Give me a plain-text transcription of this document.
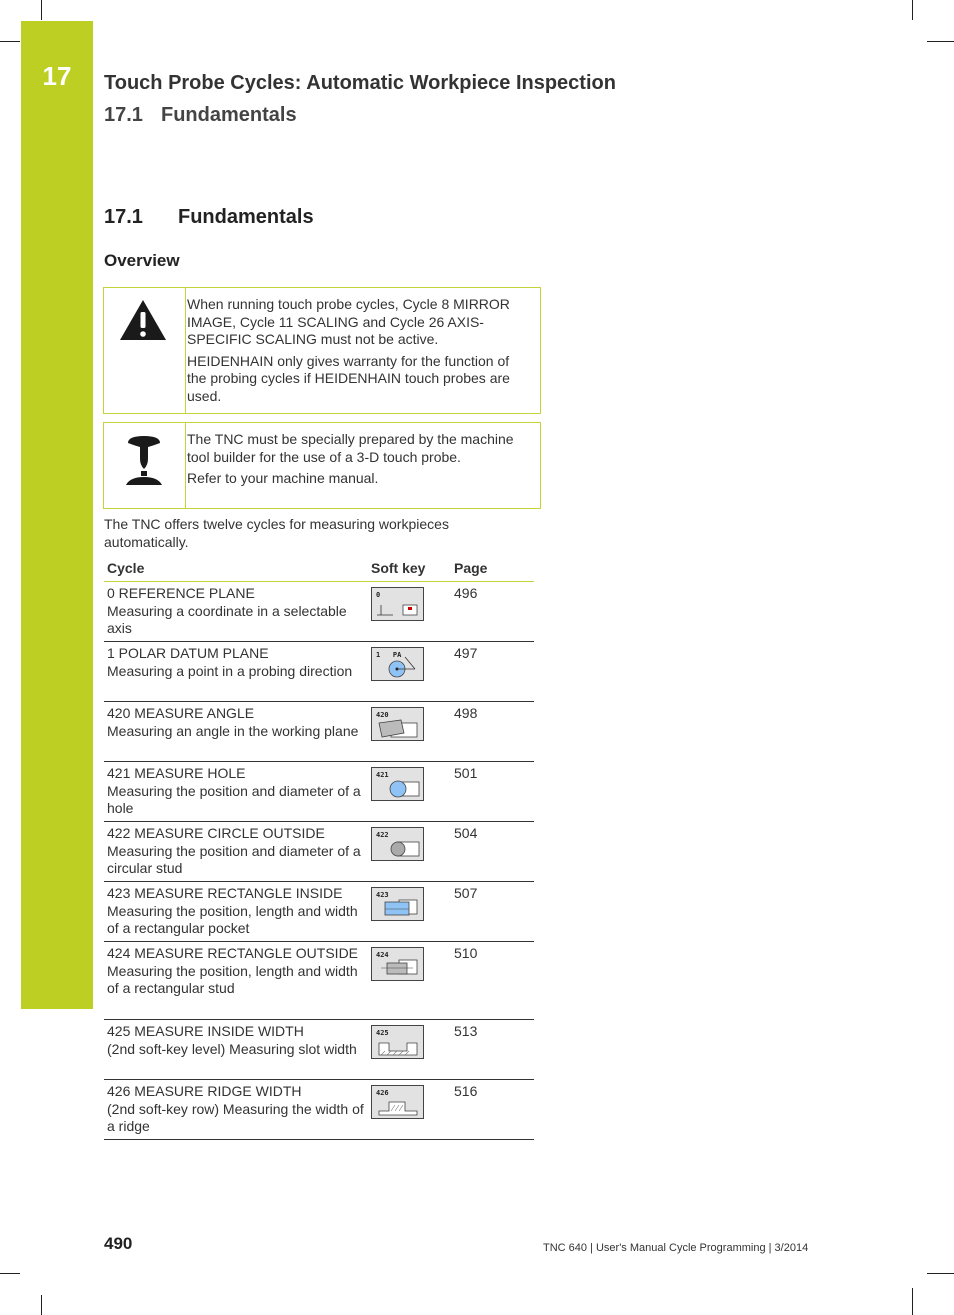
17	Touch Probe Cycles: Automatic Workpiece Inspection
17.1 Fundamentals
17.1 Fundamentals
Overview

When running touch probe cycles, Cycle 8 MIRROR IMAGE, Cycle 11 SCALING and Cycle 26 AXIS-SPECIFIC SCALING must not be active.

HEIDENHAIN only gives warranty for the function of the probing cycles if HEIDENHAIN touch probes are used.

The TNC must be specially prepared by the machine tool builder for the use of a 3-D touch probe.

Refer to your machine manual.

The TNC offers twelve cycles for measuring workpieces automatically.
Cycle	Soft key	Page

0 REFERENCE PLANE
Measuring a coordinate in a selectable axis	0	496

1 POLAR DATUM PLANE
Measuring a point in a probing direction	1   PA	497

420 MEASURE ANGLE
Measuring an angle in the working plane	420	498

421 MEASURE HOLE
Measuring the position and diameter of a hole	421	501

422 MEASURE CIRCLE OUTSIDE
Measuring the position and diameter of a circular stud	422	504

423 MEASURE RECTANGLE INSIDE
Measuring the position, length and width of a rectangular pocket	423	507

424 MEASURE RECTANGLE OUTSIDE
Measuring the position, length and width of a rectangular stud	424	510

425 MEASURE INSIDE WIDTH
(2nd soft-key level) Measuring slot width	425	513

426 MEASURE RIDGE WIDTH
(2nd soft-key row) Measuring the width of a ridge	426	516
490	TNC 640 | User's Manual Cycle Programming | 3/2014
